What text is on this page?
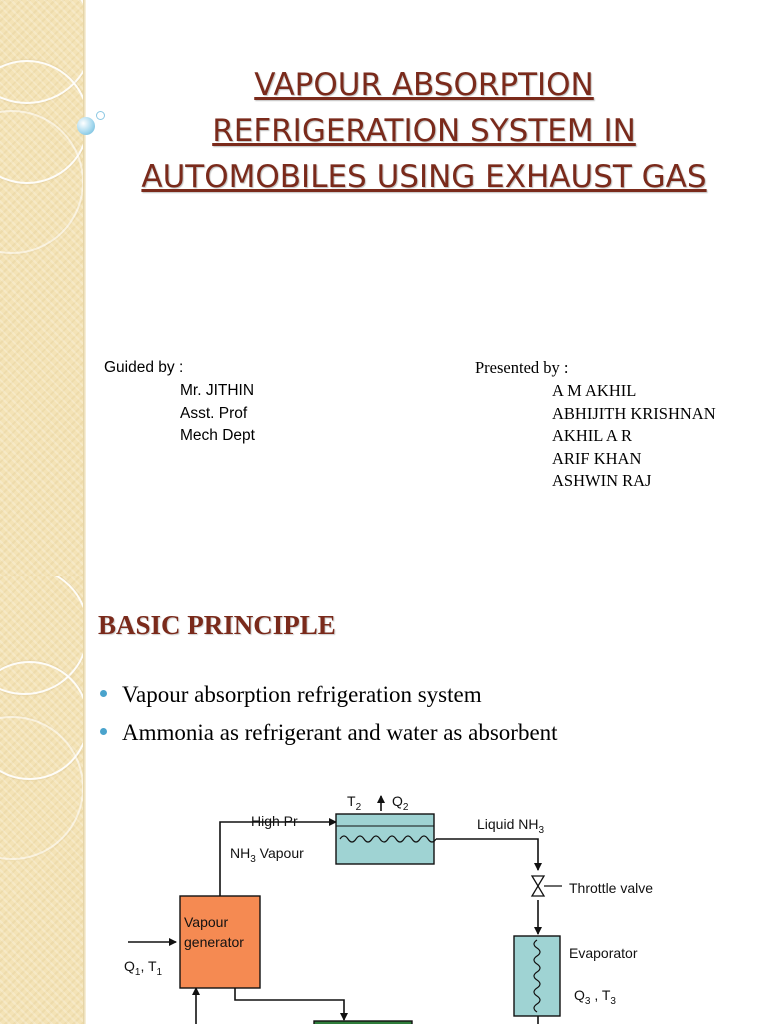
VAPOUR ABSORPTION
REFRIGERATION SYSTEM IN
AUTOMOBILES USING EXHAUST GAS
Guided by :
Mr. JITHIN
Asst. Prof
Mech Dept
Presented by :
A M AKHIL
ABHIJITH KRISHNAN
AKHIL A R
ARIF KHAN
ASHWIN RAJ
BASIC PRINCIPLE
Vapour absorption refrigeration system
Ammonia as refrigerant and water as absorbent
$T_2$ $Q_2$
High Pr
$NH_3$ Vapour
Liquid $NH_3$
Throttle valve
Vapour
generator
$Q_1$, $T_1$
Evaporator
$Q_3$ , $T_3$
